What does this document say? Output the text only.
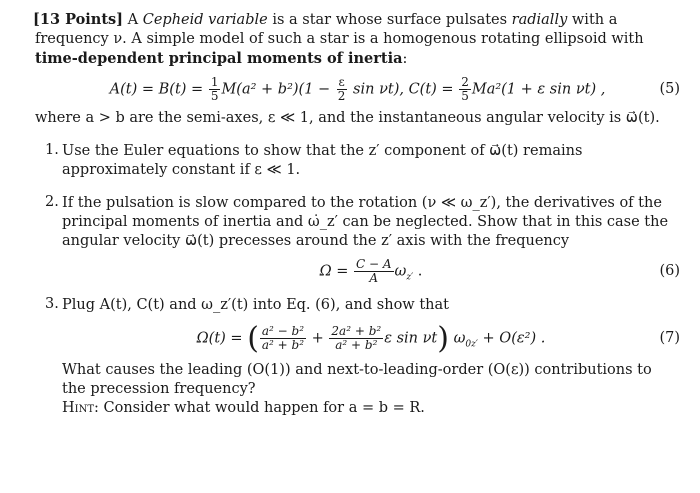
[13 Points] A Cepheid variable is a star whose surface pulsates radially with a frequency ν. A simple model of such a star is a homogenous rotating ellipsoid with time-dependent principal moments of inertia:

$A(t) = B(t) = \frac{1}{5} M(a^2 + b^2)(1 - \frac{\varepsilon}{2}$ sin νt), $C(t) = \frac{2}{5} Ma^2(1 + \varepsilon$ sin νt) ,	(5)

where a > b are the semi-axes, ε ≪ 1, and the instantaneous angular velocity is ω⃗(t).

1. Use the Euler equations to show that the z′ component of ω⃗(t) remains approximately constant if ε ≪ 1.

2. If the pulsation is slow compared to the rotation (ν ≪ ω_z′), the derivatives of the principal moments of inertia and ω̇_z′ can be neglected. Show that in this case the angular velocity ω⃗(t) precesses around the z′ axis with the frequency

$\Omega = \frac{C - A}{A} \omega_{z'}$ .	(6)
3. Plug A(t), C(t) and ω_z′(t) into Eq. (6), and show that

Ω(t) = ( $\frac{\text{a² − b²}}{\text{a² + b²}} + \frac{\text{2a² + b²}}{\text{a² + b²}}$ ε sin νt) $\omega_{0z'} + O(\varepsilon^2)$ .	(7)

What causes the leading (O(1)) and next-to-leading-order (O(ε)) contributions to the precession frequency?

Hint: Consider what would happen for a = b = R.
